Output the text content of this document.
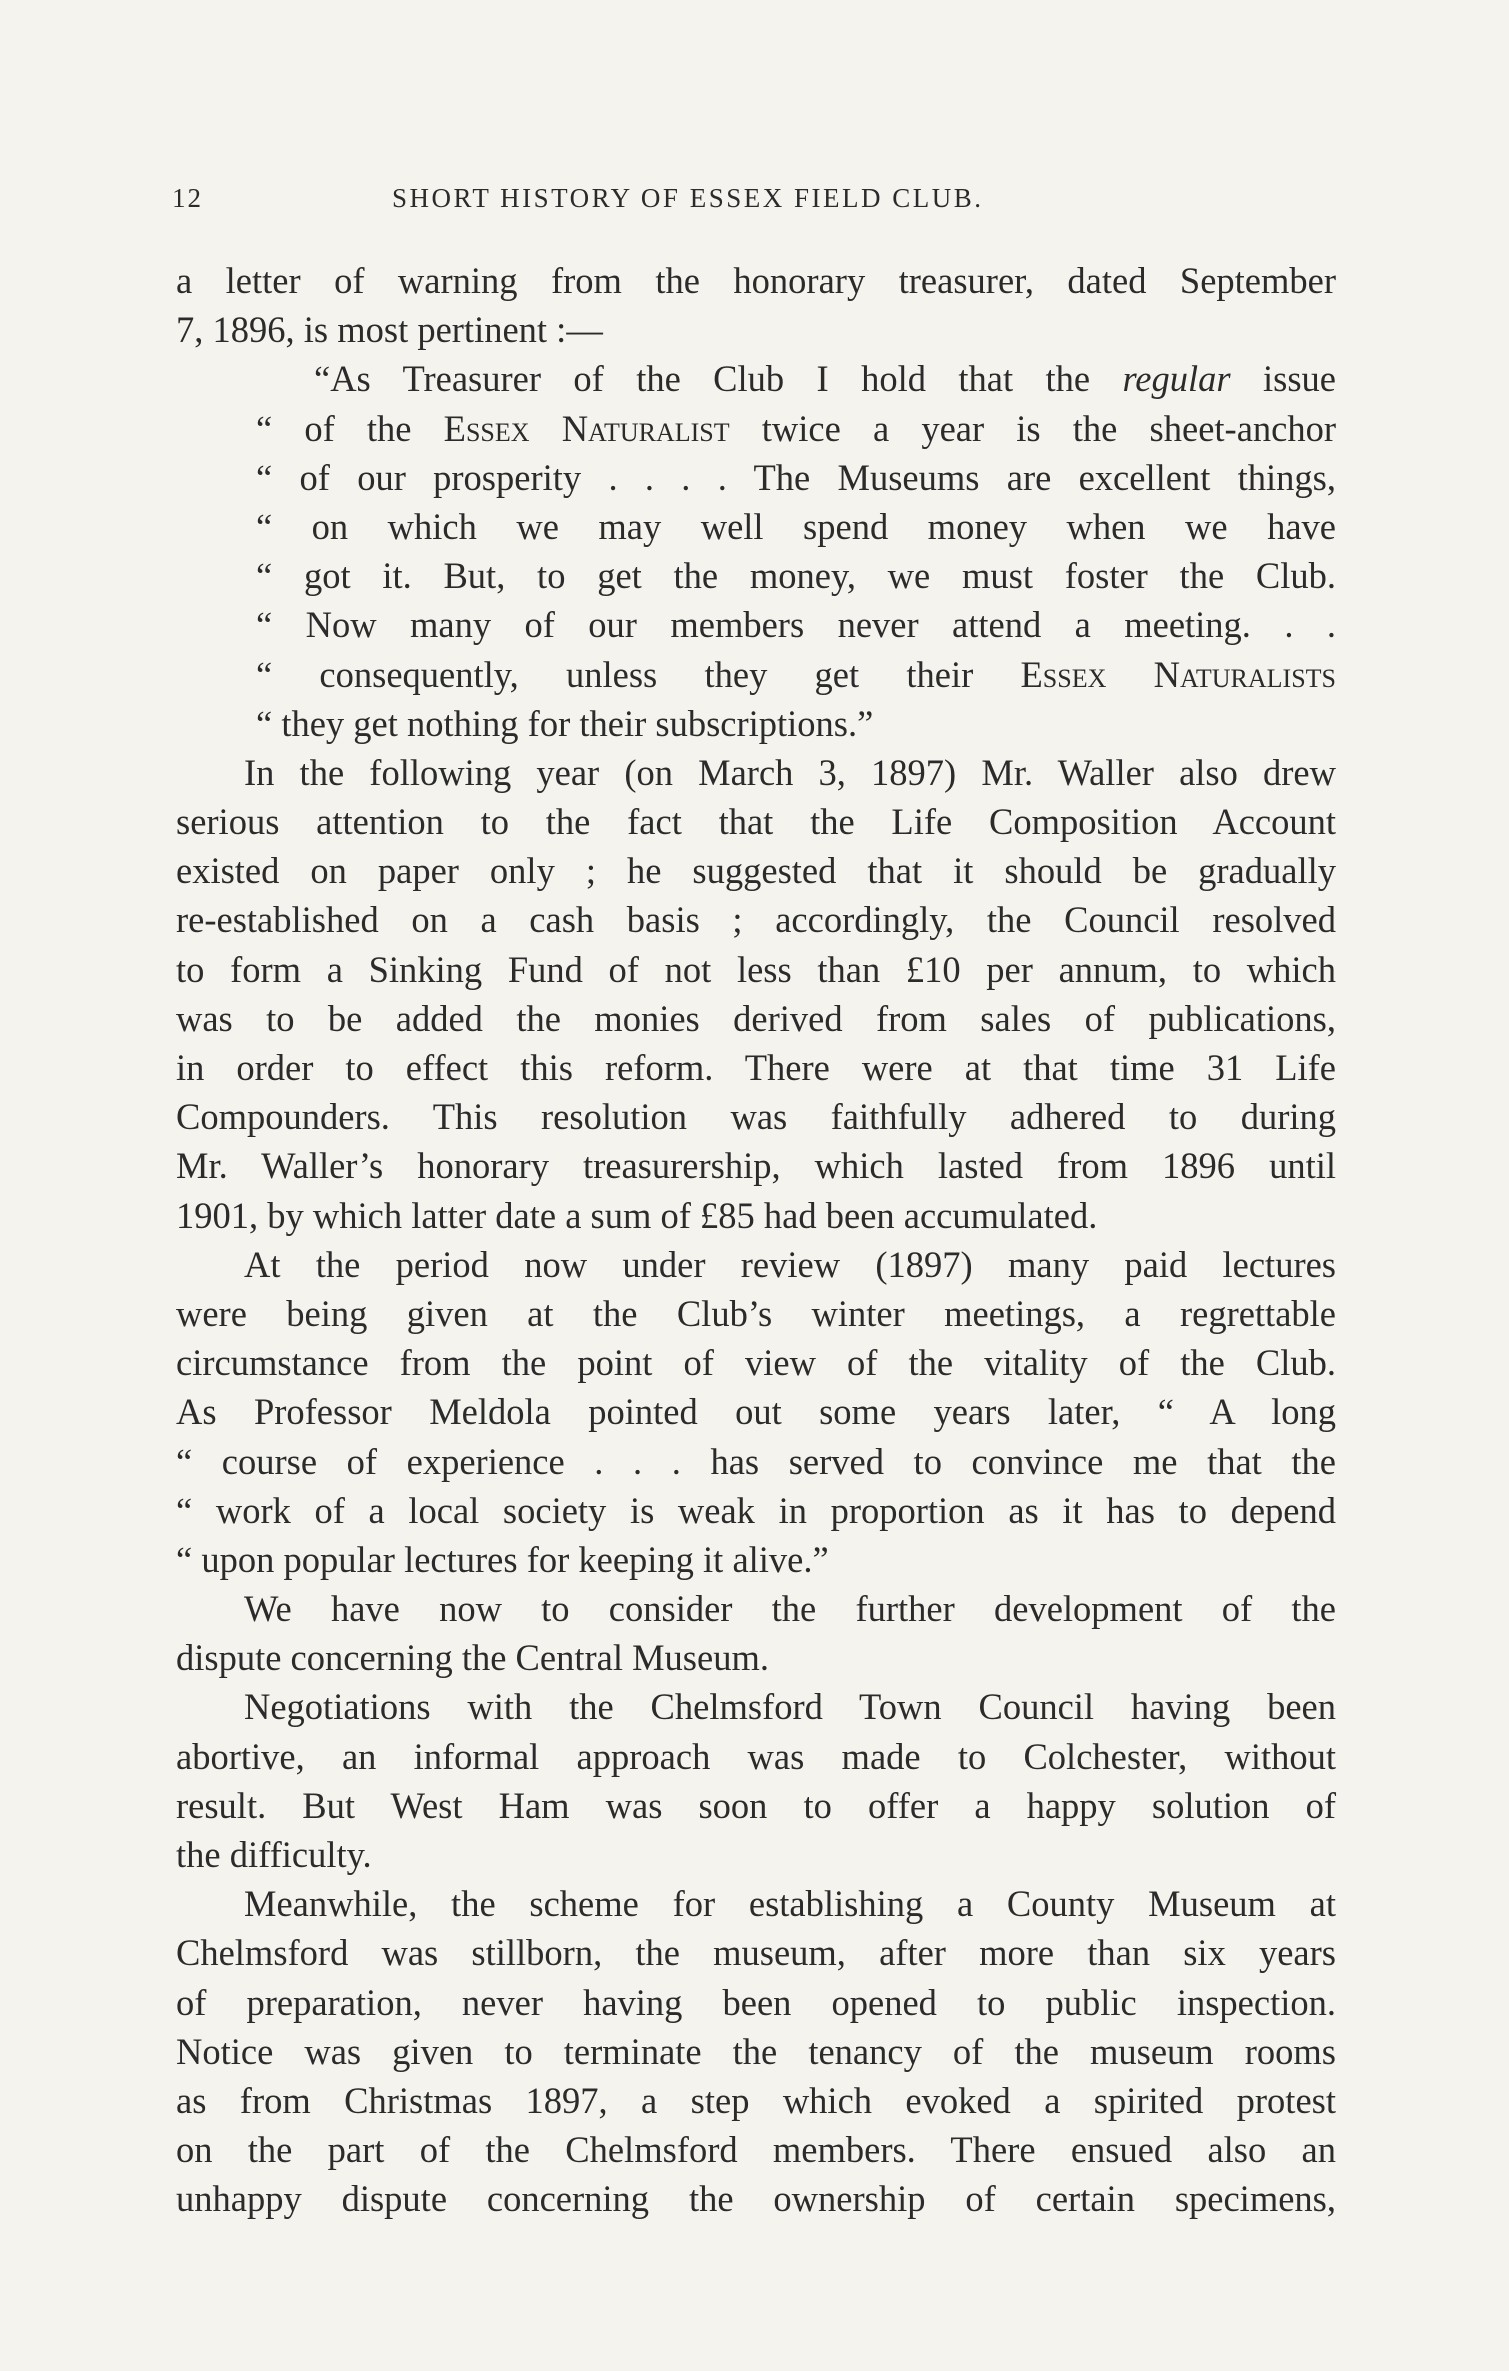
12	SHORT HISTORY OF ESSEX FIELD CLUB.
a letter of warning from the honorary treasurer, dated September
7, 1896, is most pertinent :—
“As Treasurer of the Club I hold that the regular issue
“ of the Essex Naturalist twice a year is the sheet-anchor
“ of our prosperity . . . . The Museums are excellent things,
“ on which we may well spend money when we have
“ got it. But, to get the money, we must foster the Club.
“ Now many of our members never attend a meeting. . .
“ consequently, unless they get their Essex Naturalists
“ they get nothing for their subscriptions.”
In the following year (on March 3, 1897) Mr. Waller also drew
serious attention to the fact that the Life Composition Account
existed on paper only ; he suggested that it should be gradually
re-established on a cash basis ; accordingly, the Council resolved
to form a Sinking Fund of not less than £10 per annum, to which
was to be added the monies derived from sales of publications,
in order to effect this reform. There were at that time 31 Life
Compounders. This resolution was faithfully adhered to during
Mr. Waller’s honorary treasurership, which lasted from 1896 until
1901, by which latter date a sum of £85 had been accumulated.
At the period now under review (1897) many paid lectures
were being given at the Club’s winter meetings, a regrettable
circumstance from the point of view of the vitality of the Club.
As Professor Meldola pointed out some years later, “ A long
“ course of experience . . . has served to convince me that the
“ work of a local society is weak in proportion as it has to depend
“ upon popular lectures for keeping it alive.”
We have now to consider the further development of the
dispute concerning the Central Museum.
Negotiations with the Chelmsford Town Council having been
abortive, an informal approach was made to Colchester, without
result. But West Ham was soon to offer a happy solution of
the difficulty.
Meanwhile, the scheme for establishing a County Museum at
Chelmsford was stillborn, the museum, after more than six years
of preparation, never having been opened to public inspection.
Notice was given to terminate the tenancy of the museum rooms
as from Christmas 1897, a step which evoked a spirited protest
on the part of the Chelmsford members. There ensued also an
unhappy dispute concerning the ownership of certain specimens,
